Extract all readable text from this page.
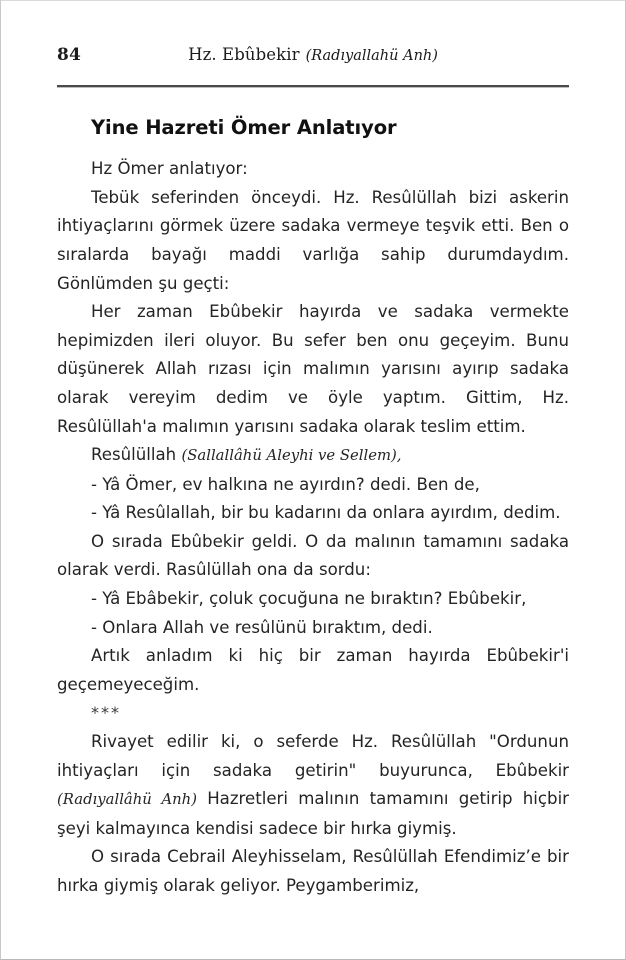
84	Hz. Ebûbekir (Radıyallahü Anh)
Yine Hazreti Ömer Anlatıyor

Hz Ömer anlatıyor:

Tebük seferinden önceydi. Hz. Resûlüllah bizi askerin ihtiyaçlarını görmek üzere sadaka vermeye teşvik etti. Ben o sıralarda bayağı maddi varlığa sahip durumdaydım. Gönlümden şu geçti:

Her zaman Ebûbekir hayırda ve sadaka vermekte hepimizden ileri oluyor. Bu sefer ben onu geçeyim. Bunu düşünerek Allah rızası için malımın yarısını ayırıp sadaka olarak vereyim dedim ve öyle yaptım. Gittim, Hz. Resûlüllah'a malımın yarısını sadaka olarak teslim ettim.

Resûlüllah (Sallallâhü Aleyhi ve Sellem),

- Yâ Ömer, ev halkına ne ayırdın? dedi. Ben de,

- Yâ Resûlallah, bir bu kadarını da onlara ayırdım, dedim.

O sırada Ebûbekir geldi. O da malının tamamını sadaka olarak verdi. Rasûlüllah ona da sordu:

- Yâ Ebâbekir, çoluk çocuğuna ne bıraktın? Ebûbekir,

- Onlara Allah ve resûlünü bıraktım, dedi.

Artık anladım ki hiç bir zaman hayırda Ebûbekir'i geçemeyeceğim.

***

Rivayet edilir ki, o seferde Hz. Resûlüllah "Ordunun ihtiyaçları için sadaka getirin" buyurunca, Ebûbekir (Radıyallâhü Anh) Hazretleri malının tamamını getirip hiçbir şeyi kalmayınca kendisi sadece bir hırka giymiş.

O sırada Cebrail Aleyhisselam, Resûlüllah Efendimiz’e bir hırka giymiş olarak geliyor. Peygamberimiz,
